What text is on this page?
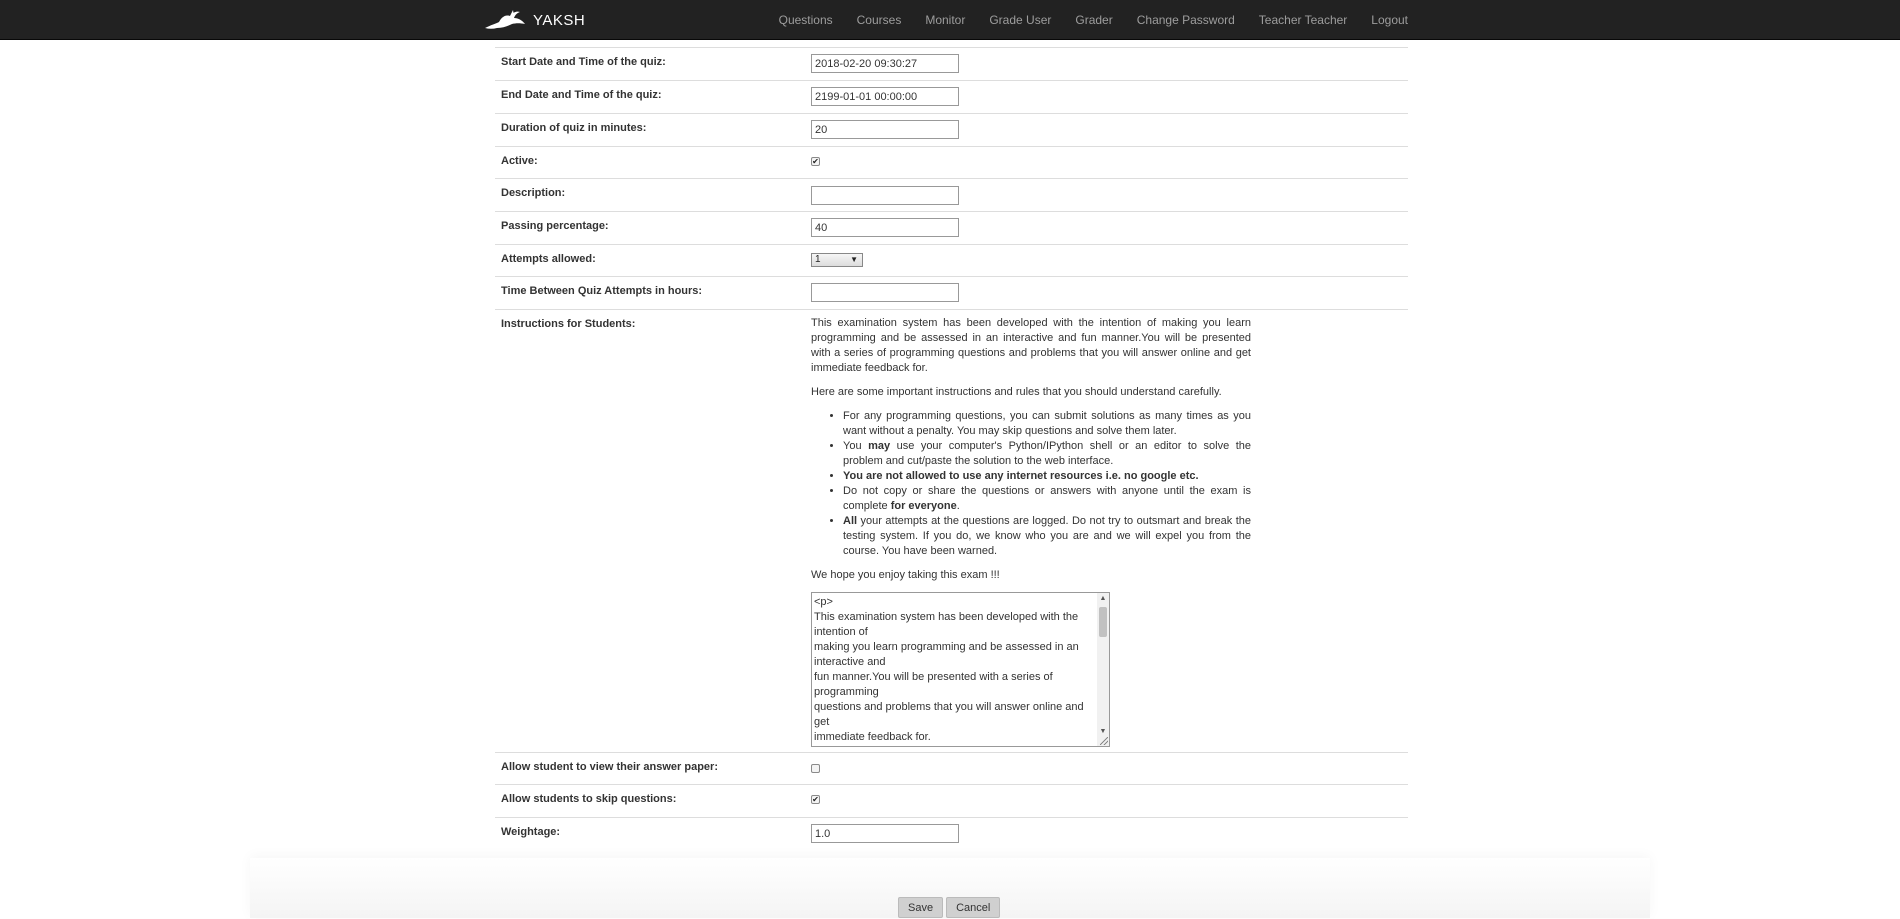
YAKSH	Questions	Courses	Monitor	Grade User	Grader	Change Password	Teacher Teacher	Logout
Start Date and Time of the quiz:
2018-02-20 09:30:27
End Date and Time of the quiz:
2199-01-01 00:00:00
Duration of quiz in minutes:
20
Active:	✔
Description:
Passing percentage:
40
Attempts allowed:	1	▼
Time Between Quiz Attempts in hours:
Instructions for Students:	This examination system has been developed with the intention of making you learn programming and be assessed in an interactive and fun manner.You will be presented with a series of programming questions and problems that you will answer online and get immediate feedback for.

Here are some important instructions and rules that you should understand carefully.

• For any programming questions, you can submit solutions as many times as you want without a penalty. You may skip questions and solve them later.
• You may use your computer's Python/IPython shell or an editor to solve the problem and cut/paste the solution to the web interface.
• You are not allowed to use any internet resources i.e. no google etc.
• Do not copy or share the questions or answers with anyone until the exam is complete for everyone.
• All your attempts at the questions are logged. Do not try to outsmart and break the testing system. If you do, we know who you are and we will expel you from the course. You have been warned.

We hope you enjoy taking this exam !!!

<p>
This examination system has been developed with the
intention of
making you learn programming and be assessed in an
interactive and
fun manner.You will be presented with a series of
programming
questions and problems that you will answer online and
get
immediate feedback for.
▲
▼
Allow student to view their answer paper:
Allow students to skip questions:	✔
Weightage:
1.0
Save	Cancel
